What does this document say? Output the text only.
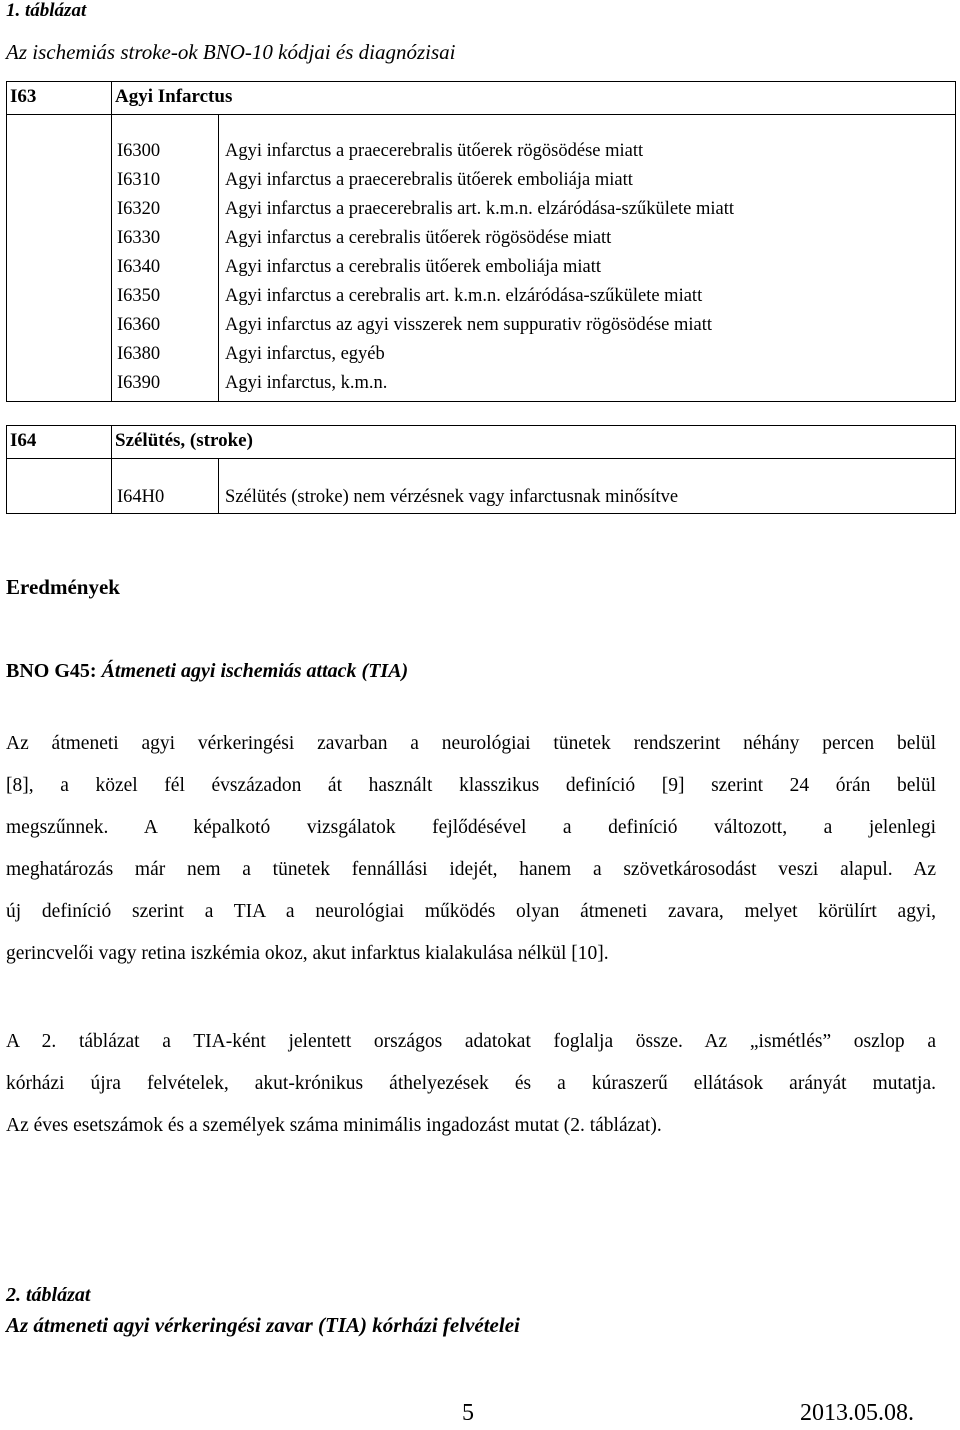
1. táblázat
Az ischemiás stroke-ok BNO-10 kódjai és diagnózisai
I63	Agyi Infarctus
I6300	Agyi infarctus a praecerebralis ütőerek rögösödése miatt
I6310	Agyi infarctus a praecerebralis ütőerek emboliája miatt
I6320	Agyi infarctus a praecerebralis art. k.m.n. elzáródása-szűkülete miatt
I6330	Agyi infarctus a cerebralis ütőerek rögösödése miatt
I6340	Agyi infarctus a cerebralis ütőerek emboliája miatt
I6350	Agyi infarctus a cerebralis art. k.m.n. elzáródása-szűkülete miatt
I6360	Agyi infarctus az agyi visszerek nem suppurativ rögösödése miatt
I6380	Agyi infarctus, egyéb
I6390	Agyi infarctus, k.m.n.
I64	Szélütés, (stroke)
I64H0	Szélütés (stroke) nem vérzésnek vagy infarctusnak minősítve
Eredmények
BNO G45: Átmeneti agyi ischemiás attack (TIA)
Az átmeneti agyi vérkeringési zavarban a neurológiai tünetek rendszerint néhány percen belül
[8], a közel fél évszázadon át használt klasszikus definíció [9] szerint 24 órán belül
megszűnnek. A képalkotó vizsgálatok fejlődésével a definíció változott, a jelenlegi
meghatározás már nem a tünetek fennállási idejét, hanem a szövetkárosodást veszi alapul. Az
új definíció szerint a TIA a neurológiai működés olyan átmeneti zavara, melyet körülírt agyi,
gerincvelői vagy retina iszkémia okoz, akut infarktus kialakulása nélkül [10].
A 2. táblázat a TIA-ként jelentett országos adatokat foglalja össze. Az „ismétlés” oszlop a
kórházi újra felvételek, akut-krónikus áthelyezések és a kúraszerű ellátások arányát mutatja.
Az éves esetszámok és a személyek száma minimális ingadozást mutat (2. táblázat).
2. táblázat
Az átmeneti agyi vérkeringési zavar (TIA) kórházi felvételei
5	2013.05.08.
